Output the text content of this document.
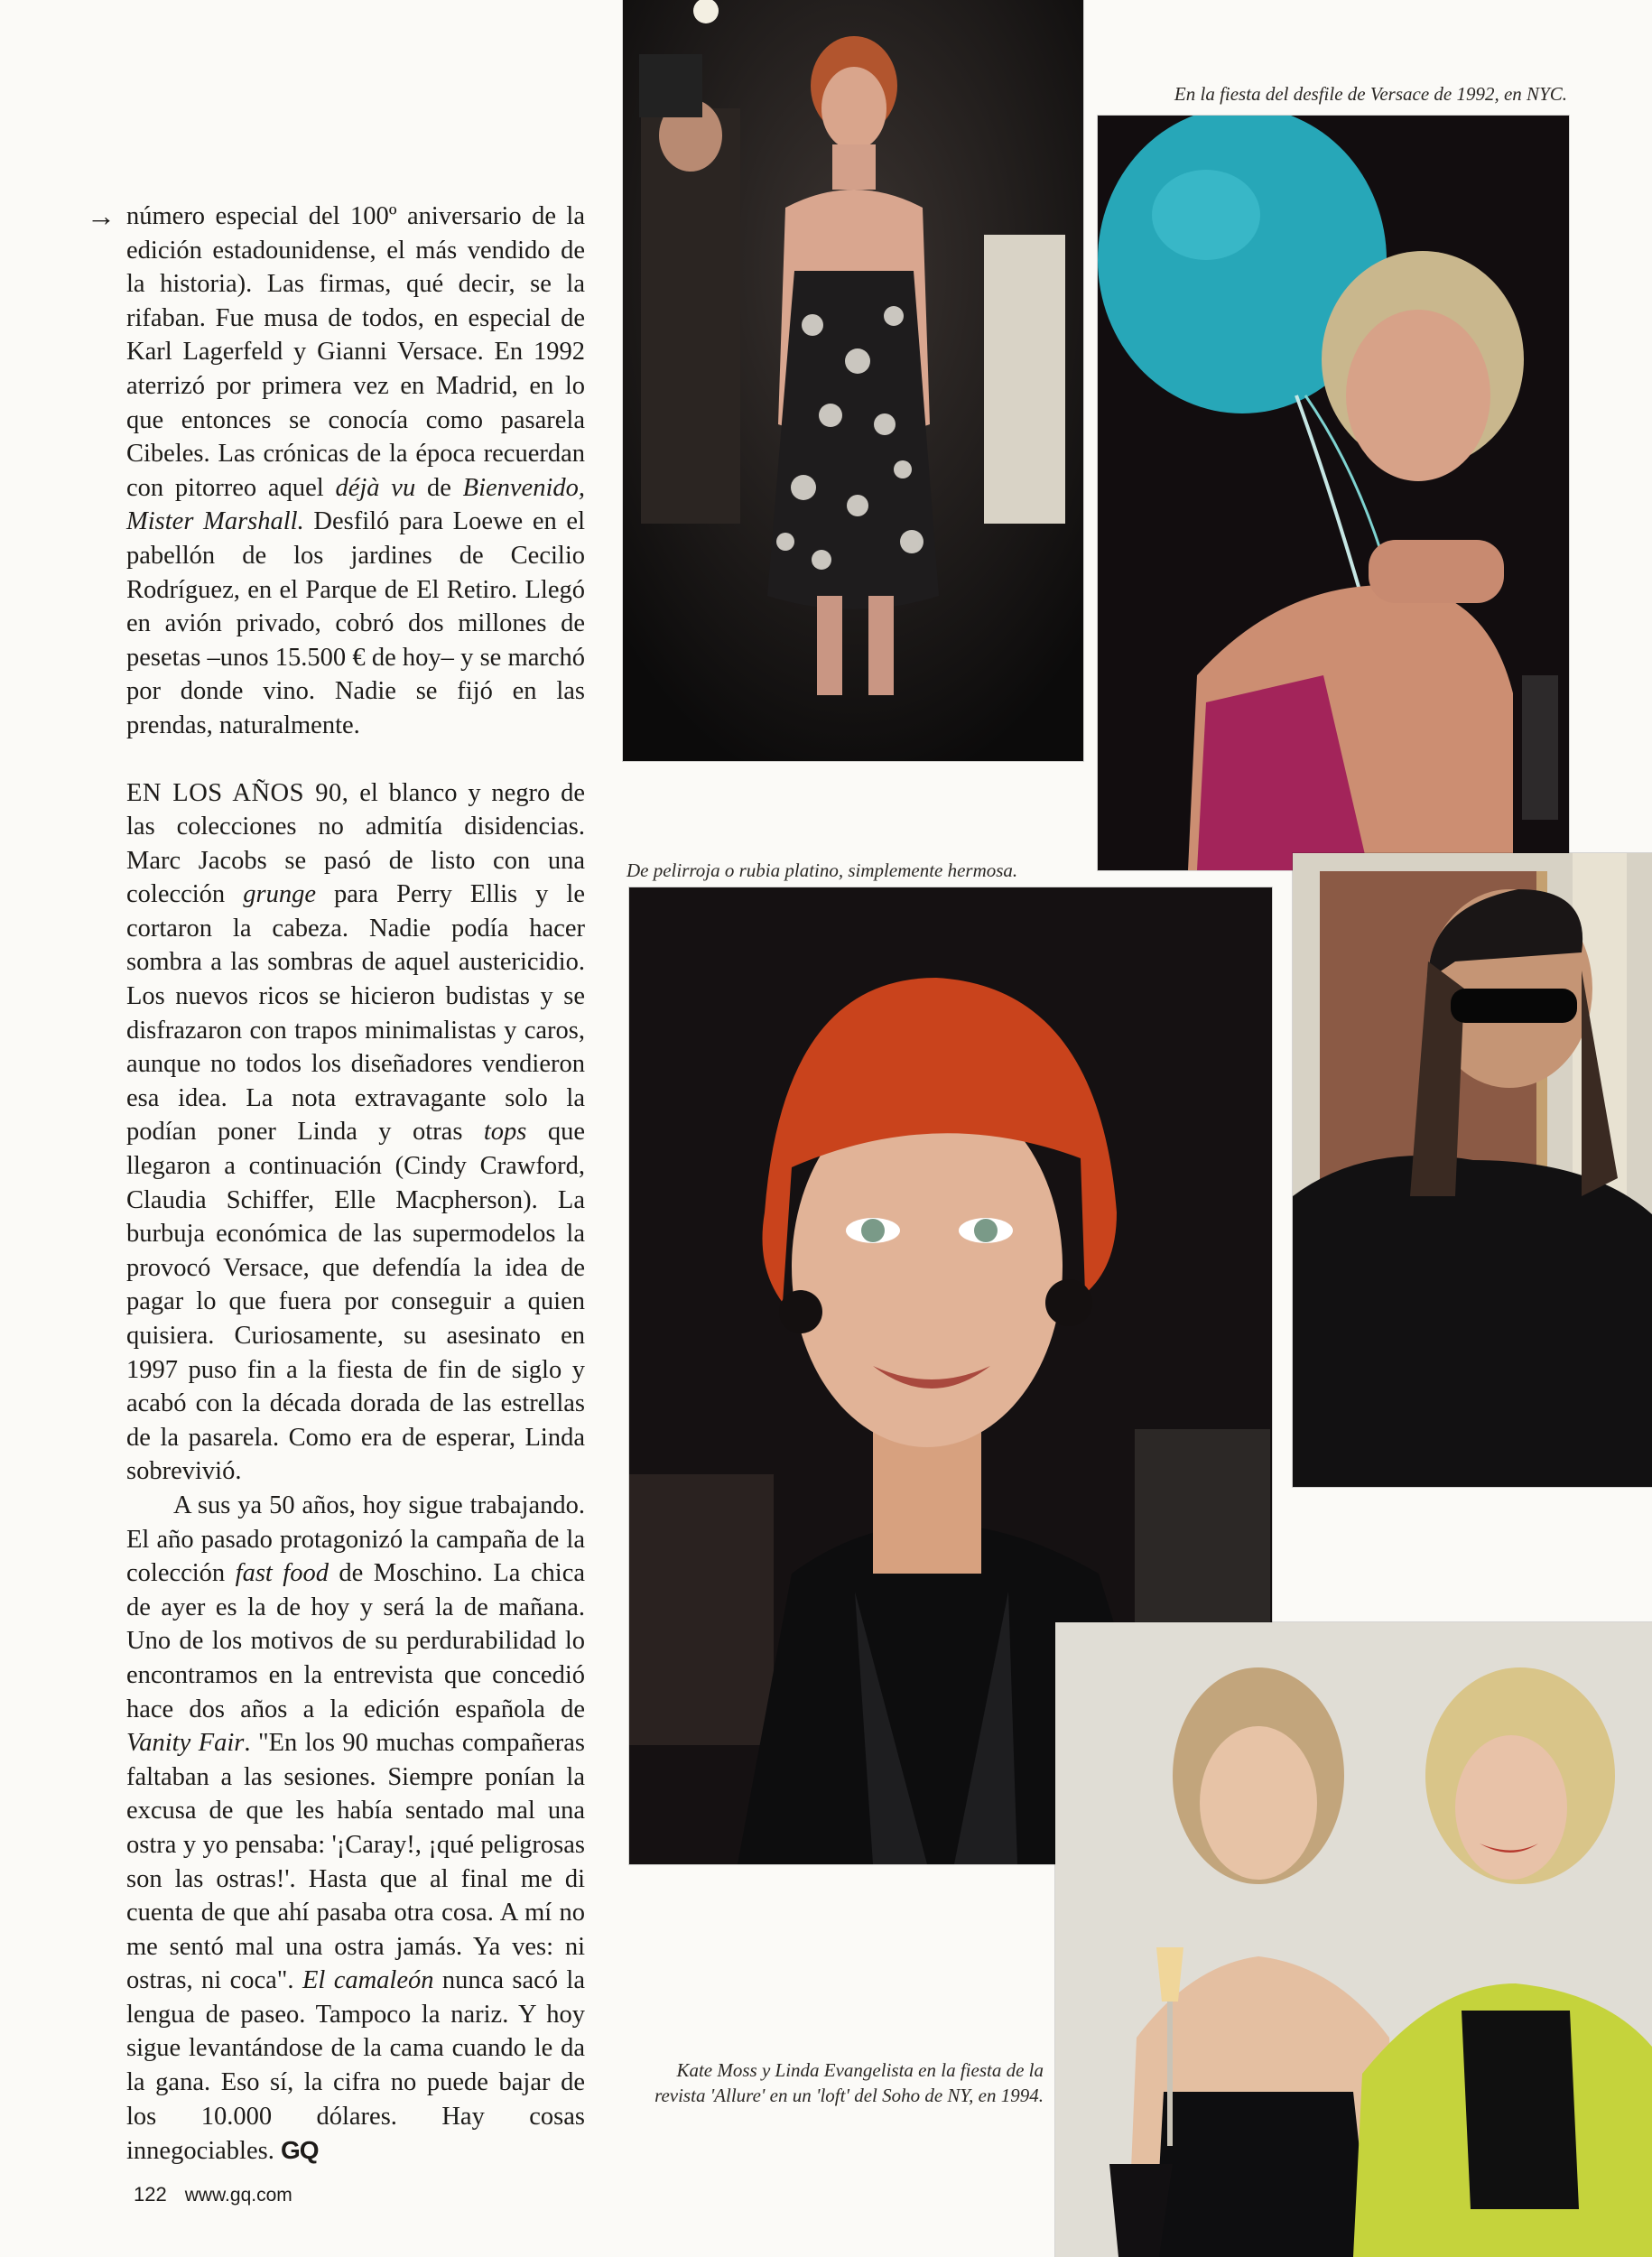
En la fiesta del desfile de Versace de 1992, en NYC.
De pelirroja o rubia platino, simplemente hermosa.
Kate Moss y Linda Evangelista en la fiesta de la
revista 'Allure' en un 'loft' del Soho de NY, en 1994.
→ número especial del 100º aniversario de la edición estadounidense, el más vendido de la historia). Las firmas, qué decir, se la rifaban. Fue musa de todos, en especial de Karl Lagerfeld y Gianni Versace. En 1992 aterrizó por primera vez en Madrid, en lo que entonces se conocía como pasarela Cibeles. Las crónicas de la época recuerdan con pitorreo aquel déjà vu de Bienvenido, Mister Marshall. Desfiló para Loewe en el pabellón de los jardines de Cecilio Rodríguez, en el Parque de El Retiro. Llegó en avión privado, cobró dos millones de pesetas –unos 15.500 € de hoy– y se marchó por donde vino. Nadie se fijó en las prendas, naturalmente.

EN LOS AÑOS 90, el blanco y negro de las colecciones no admitía disidencias. Marc Jacobs se pasó de listo con una colección grunge para Perry Ellis y le cortaron la cabeza. Nadie podía hacer sombra a las sombras de aquel austericidio. Los nuevos ricos se hicieron budistas y se disfrazaron con trapos minimalistas y caros, aunque no todos los diseñadores vendieron esa idea. La nota extravagante solo la podían poner Linda y otras tops que llegaron a continuación (Cindy Crawford, Claudia Schiffer, Elle Macpherson). La burbuja económica de las supermodelos la provocó Versace, que defendía la idea de pagar lo que fuera por conseguir a quien quisiera. Curiosamente, su asesinato en 1997 puso fin a la fiesta de fin de siglo y acabó con la década dorada de las estrellas de la pasarela. Como era de esperar, Linda sobrevivió.

A sus ya 50 años, hoy sigue trabajando. El año pasado protagonizó la campaña de la colección fast food de Moschino. La chica de ayer es la de hoy y será la de mañana. Uno de los motivos de su perdurabilidad lo encontramos en la entrevista que concedió hace dos años a la edición española de Vanity Fair. "En los 90 muchas compañeras faltaban a las sesiones. Siempre ponían la excusa de que les había sentado mal una ostra y yo pensaba: '¡Caray!, ¡qué peligrosas son las ostras!'. Hasta que al final me di cuenta de que ahí pasaba otra cosa. A mí no me sentó mal una ostra jamás. Ya ves: ni ostras, ni coca". El camaleón nunca sacó la lengua de paseo. Tampoco la nariz. Y hoy sigue levantándose de la cama cuando le da la gana. Eso sí, la cifra no puede bajar de los 10.000 dólares. Hay cosas innegociables. GQ

122 www.gq.com
